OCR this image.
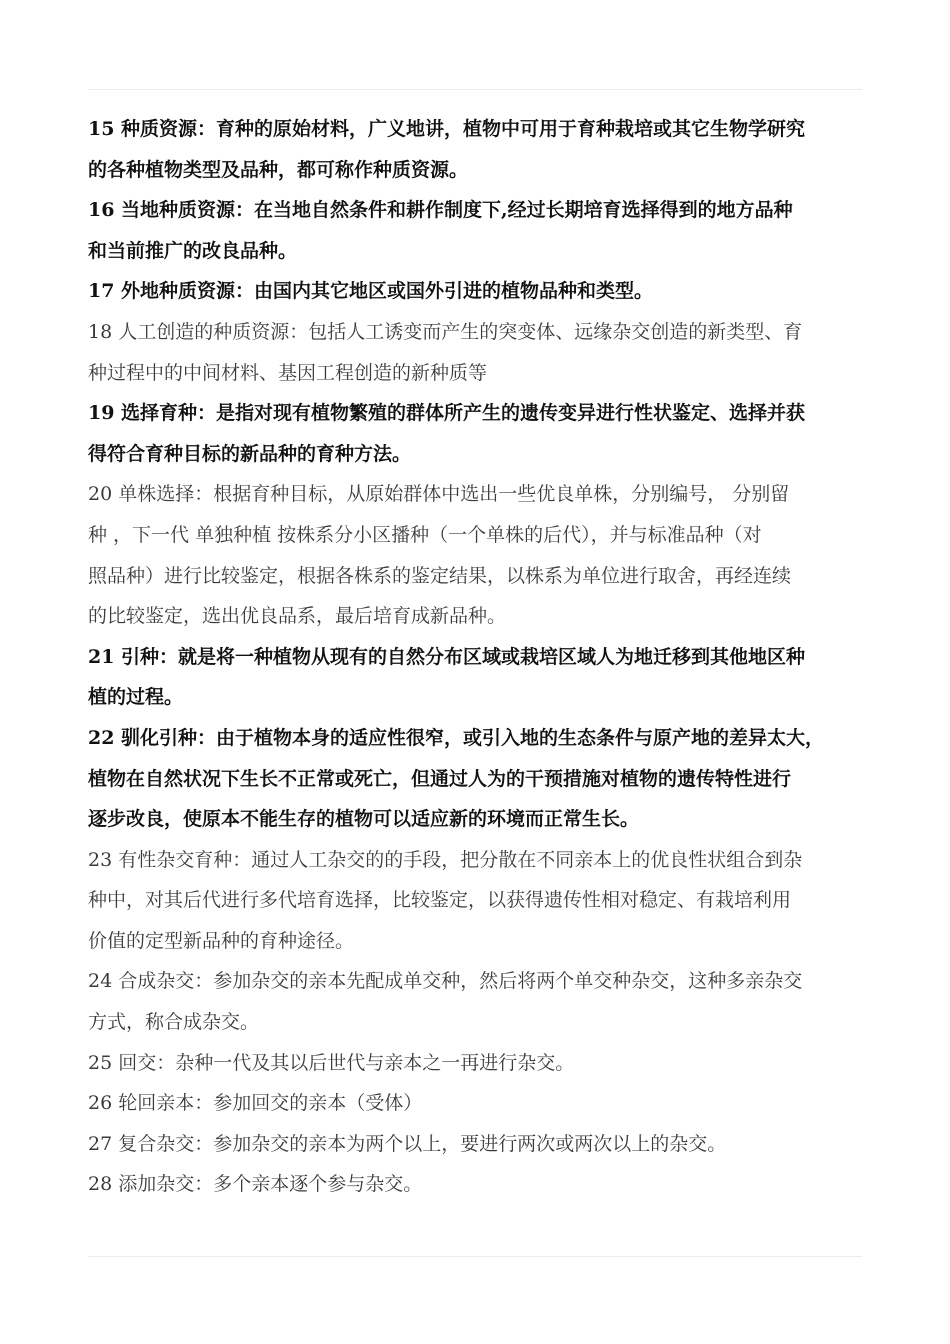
15 种质资源：育种的原始材料，广义地讲，植物中可用于育种栽培或其它生物学研究
的各种植物类型及品种，都可称作种质资源。
16 当地种质资源：在当地自然条件和耕作制度下,经过长期培育选择得到的地方品种
和当前推广的改良品种。
17 外地种质资源：由国内其它地区或国外引进的植物品种和类型。
18 人工创造的种质资源：包括人工诱变而产生的突变体、远缘杂交创造的新类型、育
种过程中的中间材料、基因工程创造的新种质等
19 选择育种：是指对现有植物繁殖的群体所产生的遗传变异进行性状鉴定、选择并获
得符合育种目标的新品种的育种方法。
20 单株选择：根据育种目标，从原始群体中选出一些优良单株，分别编号， 分别留
种 ，下一代 单独种植 按株系分小区播种（一个单株的后代），并与标准品种（对
照品种）进行比较鉴定，根据各株系的鉴定结果，以株系为单位进行取舍，再经连续
的比较鉴定，选出优良品系，最后培育成新品种。
21 引种：就是将一种植物从现有的自然分布区域或栽培区域人为地迁移到其他地区种
植的过程。
22 驯化引种：由于植物本身的适应性很窄，或引入地的生态条件与原产地的差异太大，
植物在自然状况下生长不正常或死亡，但通过人为的干预措施对植物的遗传特性进行
逐步改良，使原本不能生存的植物可以适应新的环境而正常生长。
23 有性杂交育种：通过人工杂交的的手段，把分散在不同亲本上的优良性状组合到杂
种中，对其后代进行多代培育选择，比较鉴定，以获得遗传性相对稳定、有栽培利用
价值的定型新品种的育种途径。
24 合成杂交：参加杂交的亲本先配成单交种，然后将两个单交种杂交，这种多亲杂交
方式，称合成杂交。
25 回交：杂种一代及其以后世代与亲本之一再进行杂交。
26 轮回亲本：参加回交的亲本（受体）
27 复合杂交：参加杂交的亲本为两个以上，要进行两次或两次以上的杂交。
28 添加杂交：多个亲本逐个参与杂交。
